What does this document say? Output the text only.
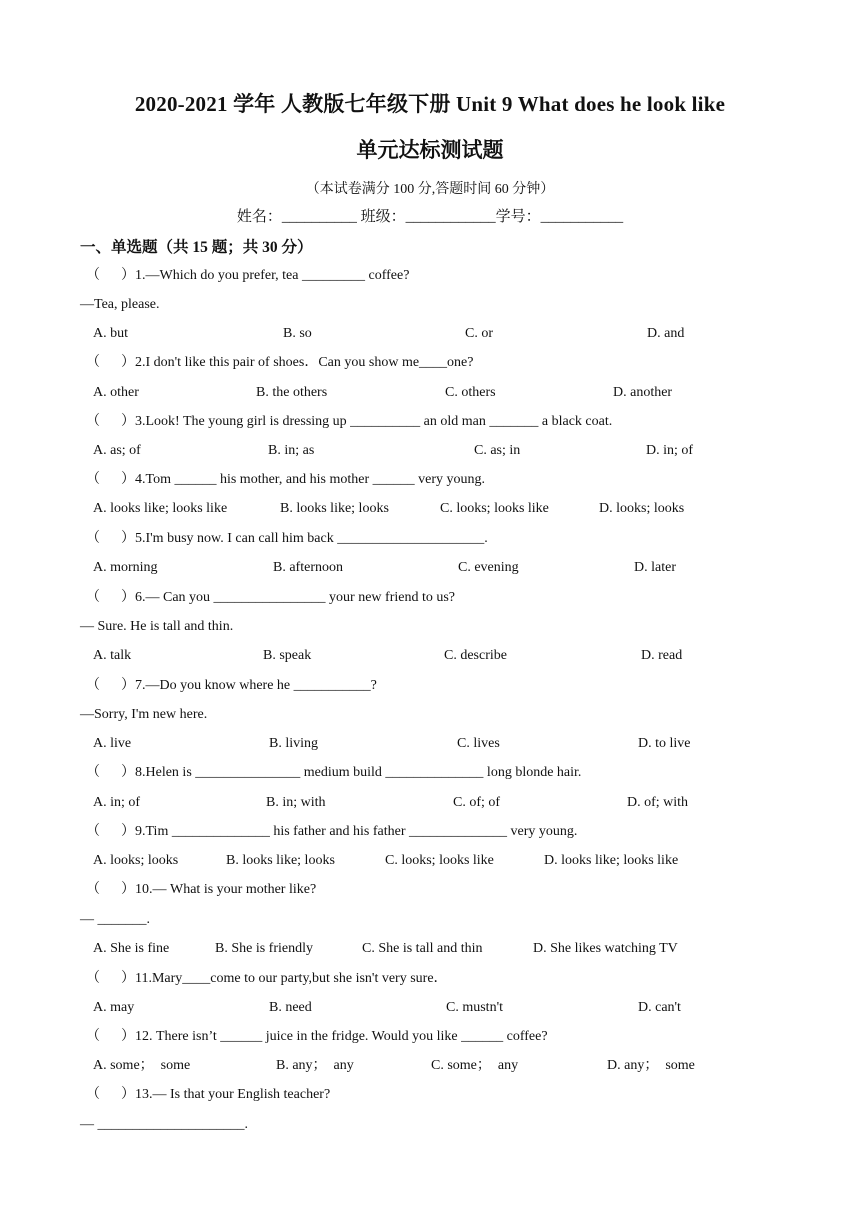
2020-2021 学年 人教版七年级下册 Unit 9 What does he look like
单元达标测试题
（本试卷满分 100 分,答题时间 60 分钟）
姓名：__________ 班级：____________学号：___________
一、单选题（共 15 题；共 30 分）
（      ）1.—Which do you prefer, tea _________ coffee?
—Tea, please.
A. but	B. so	C. or	D. and
（      ）2.I don't like this pair of shoes．Can you show me____one?
A. other	B. the others	C. others	D. another
（      ）3.Look! The young girl is dressing up __________ an old man _______ a black coat.
A. as; of	B. in; as	C. as; in	D. in; of
（      ）4.Tom ______ his mother, and his mother ______ very young.
A. looks like; looks like	B. looks like; looks	C. looks; looks like	D. looks; looks
（      ）5.I'm busy now. I can call him back _____________________.
A. morning	B. afternoon	C. evening	D. later
（      ）6.— Can you ________________ your new friend to us?
— Sure. He is tall and thin.
A. talk	B. speak	C. describe	D. read
（      ）7.—Do you know where he ___________?
—Sorry, I'm new here.
A. live	B. living	C. lives	D. to live
（      ）8.Helen is _______________ medium build ______________ long blonde hair.
A. in; of	B. in; with	C. of; of	D. of; with
（      ）9.Tim ______________ his father and his father ______________ very young.
A. looks; looks	B. looks like; looks	C. looks; looks like	D. looks like; looks like
（      ）10.— What is your mother like?
— _______.
A. She is fine	B. She is friendly	C. She is tall and thin	D. She likes watching TV
（      ）11.Mary____come to our party,but she isn't very sure．
A. may	B. need	C. mustn't	D. can't
（      ）12. There isn’t ______ juice in the fridge. Would you like ______ coffee?
A. some；  some	B. any；  any	C. some；  any	D. any；  some
（      ）13.— Is that your English teacher?
— _____________________.
